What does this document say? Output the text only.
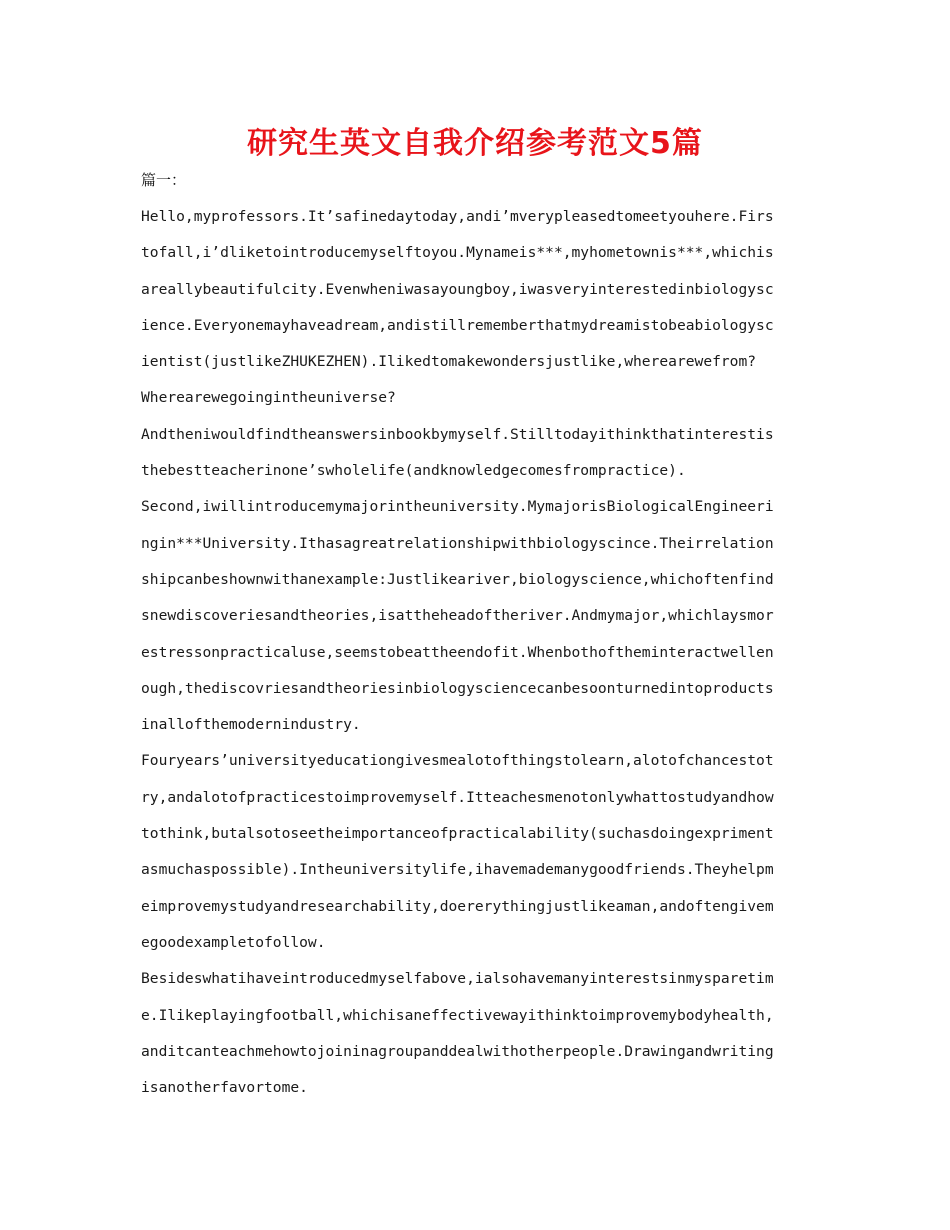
研究生英文自我介绍参考范文5篇
篇一：
Hello,myprofessors.It’safinedaytoday,andi’mverypleasedtomeetyouhere.Firs
tofall,i’dliketointroducemyselftoyou.Mynameis***,myhometownis***,whichis
areallybeautifulcity.Evenwheniwasayoungboy,iwasveryinterestedinbiologysc
ience.Everyonemayhaveadream,andistillrememberthatmydreamistobeabiologysc
ientist(justlikeZHUKEZHEN).Ilikedtomakewondersjustlike,wherearewefrom?
Wherearewegoingintheuniverse?
Andtheniwouldfindtheanswersinbookbymyself.Stilltodayithinkthatinterestis
thebestteacherinone’swholelife(andknowledgecomesfrompractice).
Second,iwillintroducemymajorintheuniversity.MymajorisBiologicalEngineeri
ngin***University.Ithasagreatrelationshipwithbiologyscince.Theirrelation
shipcanbeshownwithanexample:Justlikeariver,biologyscience,whichoftenfind
snewdiscoveriesandtheories,isattheheadoftheriver.Andmymajor,whichlaysmor
estressonpracticaluse,seemstobeattheendofit.Whenbothoftheminteractwellen
ough,thediscovriesandtheoriesinbiologysciencecanbesoonturnedintoproducts
inallofthemodernindustry.
Fouryears’universityeducationgivesmealotofthingstolearn,alotofchancestot
ry,andalotofpracticestoimprovemyself.Itteachesmenotonlywhattostudyandhow
tothink,butalsotoseetheimportanceofpracticalability(suchasdoingexpriment
asmuchaspossible).Intheuniversitylife,ihavemademanygoodfriends.Theyhelpm
eimprovemystudyandresearchability,doererythingjustlikeaman,andoftengivem
egoodexampletofollow.
Besideswhatihaveintroducedmyselfabove,ialsohavemanyinterestsinmysparetim
e.Ilikeplayingfootball,whichisaneffectivewayithinktoimprovemybodyhealth,
anditcanteachmehowtojoininagroupanddealwithotherpeople.Drawingandwriting
isanotherfavortome.
